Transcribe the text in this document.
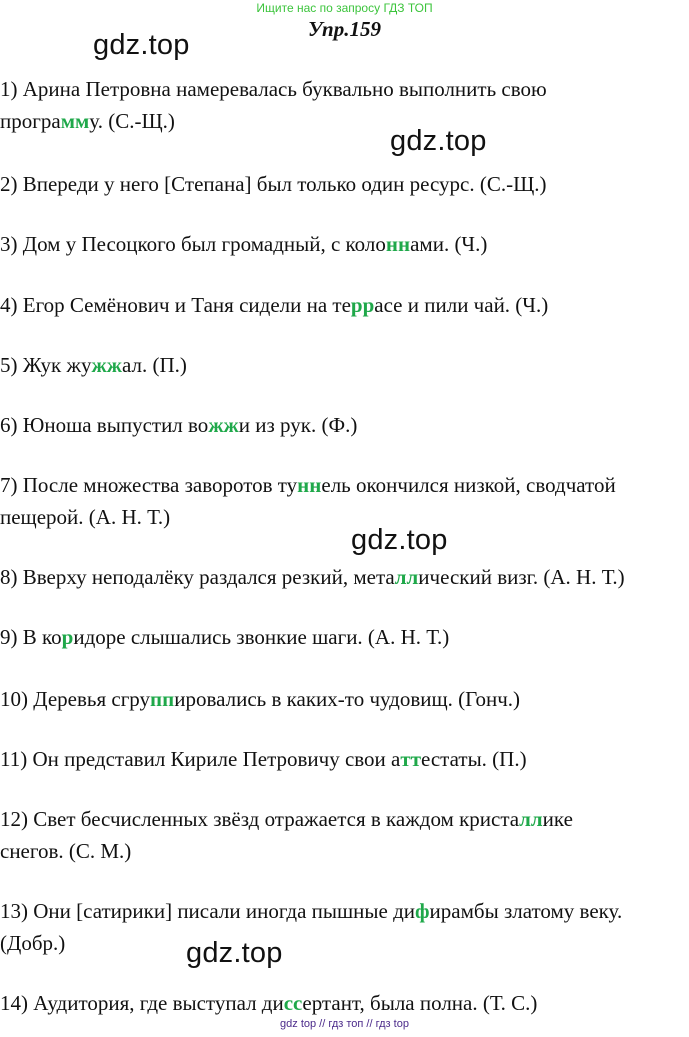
Ищите нас по запросу ГДЗ ТОП
Упр.159
gdz.top
gdz.top
gdz.top
gdz.top
1) Арина Петровна намеревалась буквально выполнить свою
программу. (С.-Щ.)
2) Впереди у него [Степана] был только один ресурс. (С.-Щ.)
3) Дом у Песоцкого был громадный, с колоннами. (Ч.)
4) Егор Семёнович и Таня сидели на террасе и пили чай. (Ч.)
5) Жук жужжал. (П.)
6) Юноша выпустил вожжи из рук. (Ф.)
7) После множества заворотов туннель окончился низкой, сводчатой
пещерой. (А. Н. Т.)
8) Вверху неподалёку раздался резкий, металлический визг. (А. Н. Т.)
9) В коридоре слышались звонкие шаги. (А. Н. Т.)
10) Деревья сгруппировались в каких-то чудовищ. (Гонч.)
11) Он представил Кириле Петровичу свои аттестаты. (П.)
12) Свет бесчисленных звёзд отражается в каждом кристаллике
снегов. (С. М.)
13) Они [сатирики] писали иногда пышные дифирамбы златому веку.
(Добр.)
14) Аудитория, где выступал диссертант, была полна. (Т. С.)
gdz top // гдз топ // гдз top
